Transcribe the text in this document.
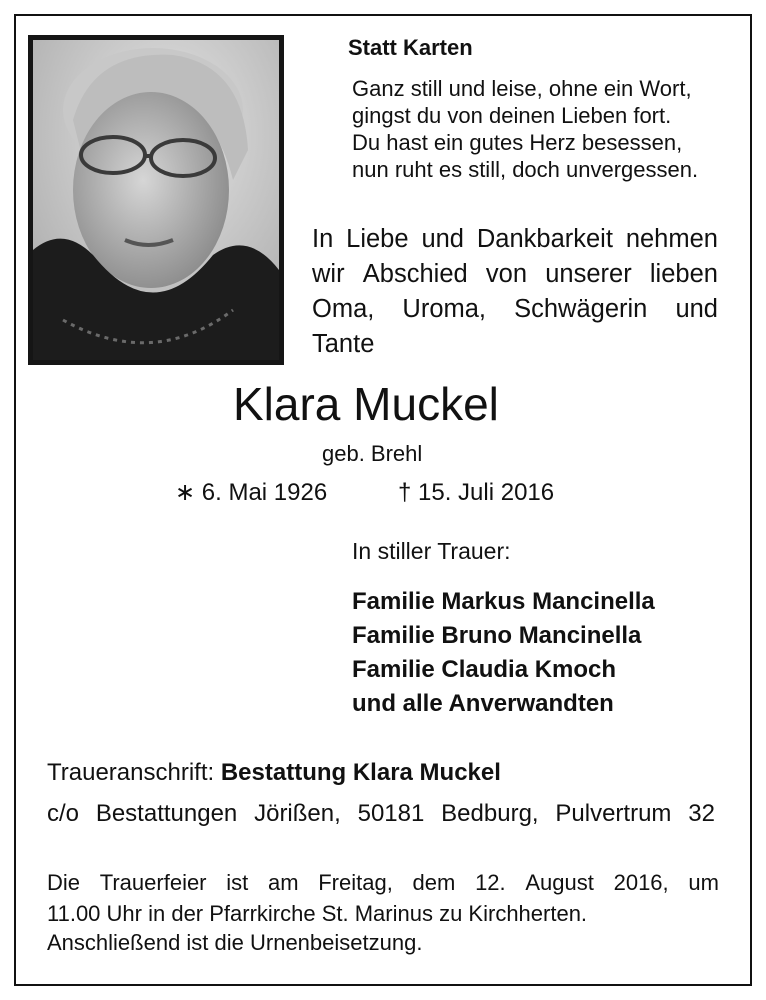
Statt Karten
Ganz still und leise, ohne ein Wort,
gingst du von deinen Lieben fort.
Du hast ein gutes Herz besessen,
nun ruht es still, doch unvergessen.
In Liebe und Dankbarkeit nehmen
wir Abschied von unserer lieben
Oma, Uroma, Schwägerin und
Tante
Klara Muckel
geb. Brehl
∗ 6. Mai 1926	† 15. Juli 2016
In stiller Trauer:
Familie Markus Mancinella
Familie Bruno Mancinella
Familie Claudia Kmoch
und alle Anverwandten
Traueranschrift: Bestattung Klara Muckel
c/o Bestattungen Jörißen, 50181 Bedburg, Pulvertrum 32
Die Trauerfeier ist am Freitag, dem 12. August 2016, um
11.00 Uhr in der Pfarrkirche St. Marinus zu Kirchherten.
Anschließend ist die Urnenbeisetzung.
